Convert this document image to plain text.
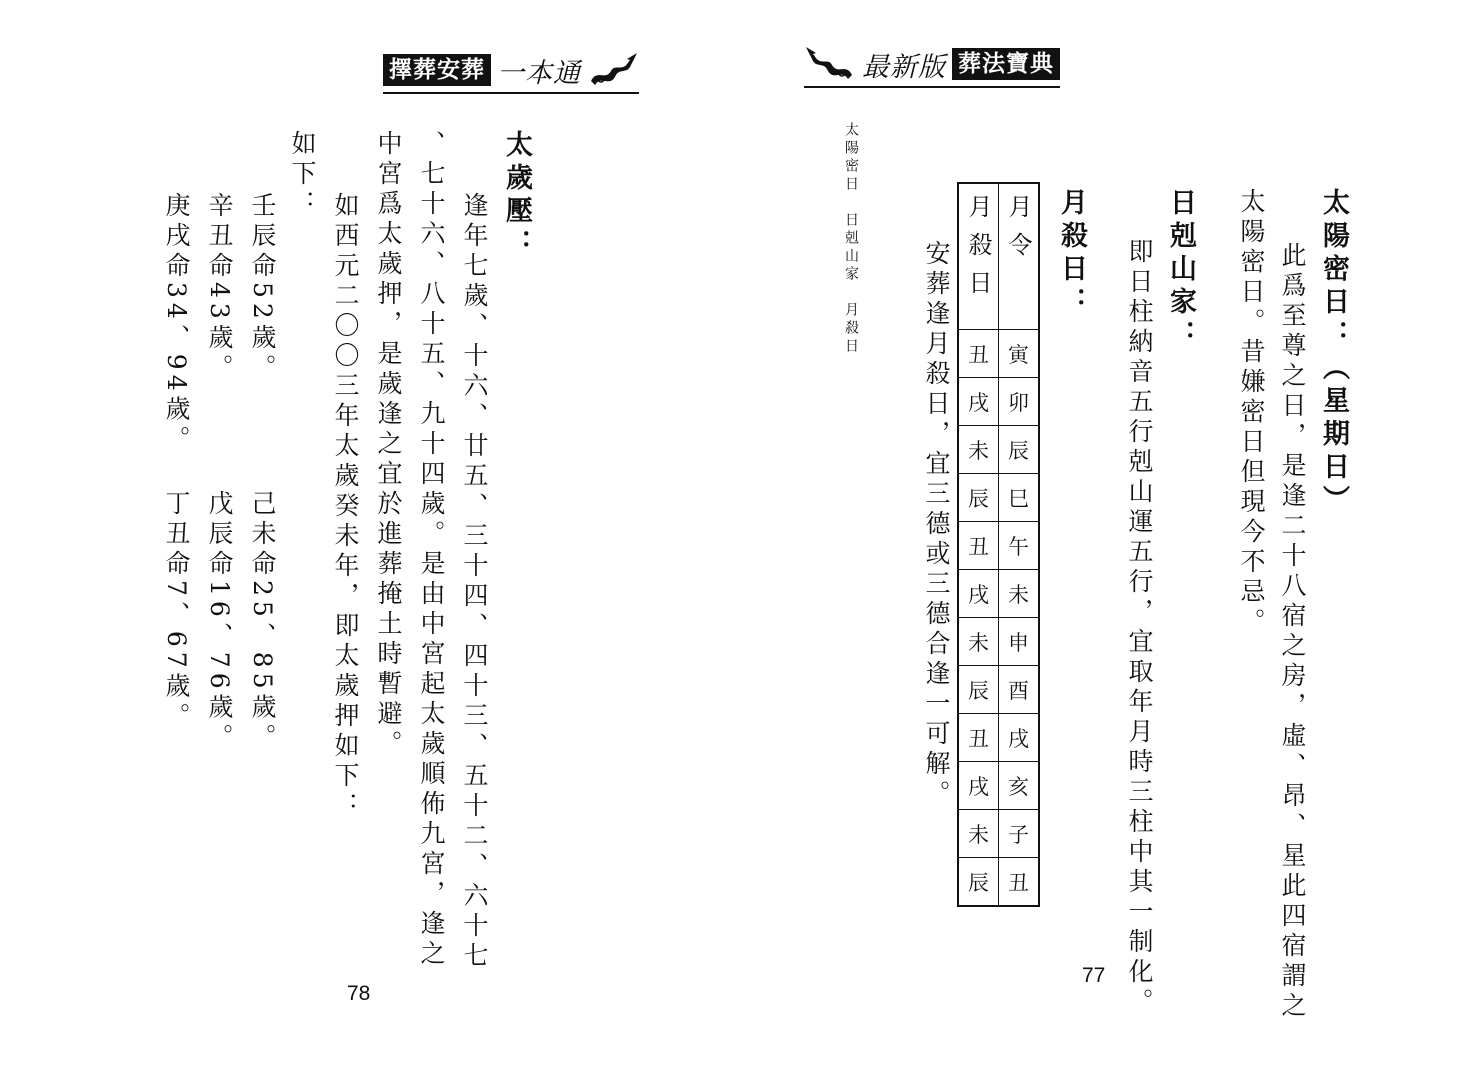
擇葬安葬 一本通
太歲壓：
逢年七歲、十六、廿五、三十四、四十三、五十二、六十七
、七十六、八十五、九十四歲。是由中宮起太歲順佈九宮，逢之
中宮爲太歲押，是歲逢之宜於進葬掩土時暫避。
如西元二〇〇三年太歲癸未年，即太歲押如下：
如下：
壬辰命52歲。
辛丑命43歲。
庚戌命34、94歲。
己未命25、85歲。
戊辰命16、76歲。
丁丑命7、67歲。
78
最新版 葬法寶典
太陽密日：（星期日）
此爲至尊之日，是逢二十八宿之房，虛、昂、星此四宿謂之
太陽密日。昔嫌密日但現今不忌。
日剋山家：
即日柱納音五行剋山運五行，宜取年月時三柱中其一制化。
月殺日：
月殺日	月令
丑	寅
戌	卯
未	辰
辰	巳
丑	午
戌	未
未	申
辰	酉
丑	戌
戌	亥
未	子
辰	丑
安葬逢月殺日，宜三德或三德合逢一可解。
太陽密日　日剋山家　月殺日
77
